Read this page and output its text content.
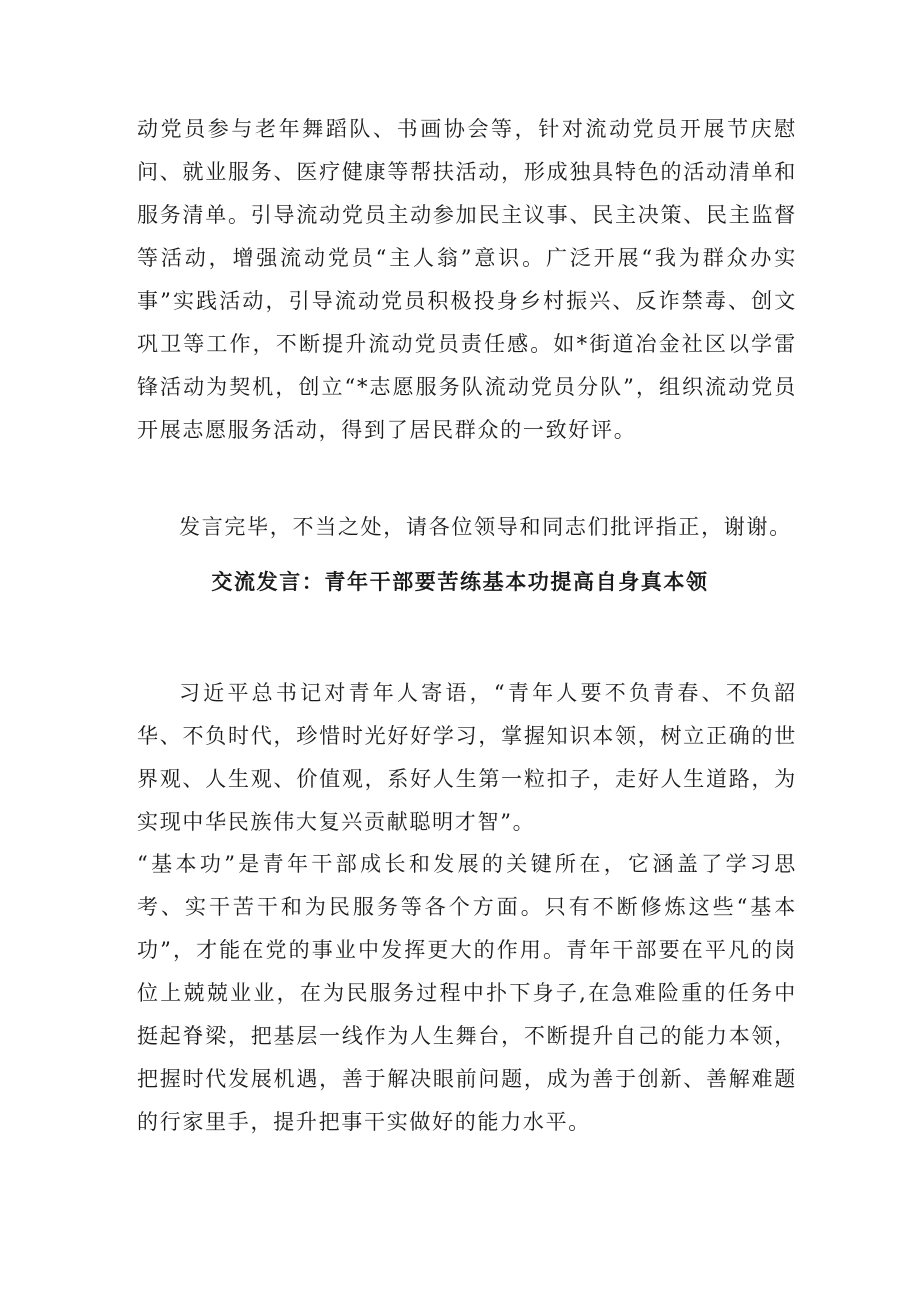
动党员参与老年舞蹈队、书画协会等，针对流动党员开展节庆慰问、就业服务、医疗健康等帮扶活动，形成独具特色的活动清单和服务清单。引导流动党员主动参加民主议事、民主决策、民主监督等活动，增强流动党员“主人翁”意识。广泛开展“我为群众办实事”实践活动，引导流动党员积极投身乡村振兴、反诈禁毒、创文巩卫等工作，不断提升流动党员责任感。如*街道冶金社区以学雷锋活动为契机，创立“*志愿服务队流动党员分队”，组织流动党员开展志愿服务活动，得到了居民群众的一致好评。

发言完毕，不当之处，请各位领导和同志们批评指正，谢谢。

交流发言：青年干部要苦练基本功提高自身真本领

习近平总书记对青年人寄语，“青年人要不负青春、不负韶华、不负时代，珍惜时光好好学习，掌握知识本领，树立正确的世界观、人生观、价值观，系好人生第一粒扣子，走好人生道路，为实现中华民族伟大复兴贡献聪明才智”。

“基本功”是青年干部成长和发展的关键所在，它涵盖了学习思考、实干苦干和为民服务等各个方面。只有不断修炼这些“基本功”，才能在党的事业中发挥更大的作用。青年干部要在平凡的岗位上兢兢业业，在为民服务过程中扑下身子,在急难险重的任务中挺起脊梁，把基层一线作为人生舞台，不断提升自己的能力本领，把握时代发展机遇，善于解决眼前问题，成为善于创新、善解难题的行家里手，提升把事干实做好的能力水平。
